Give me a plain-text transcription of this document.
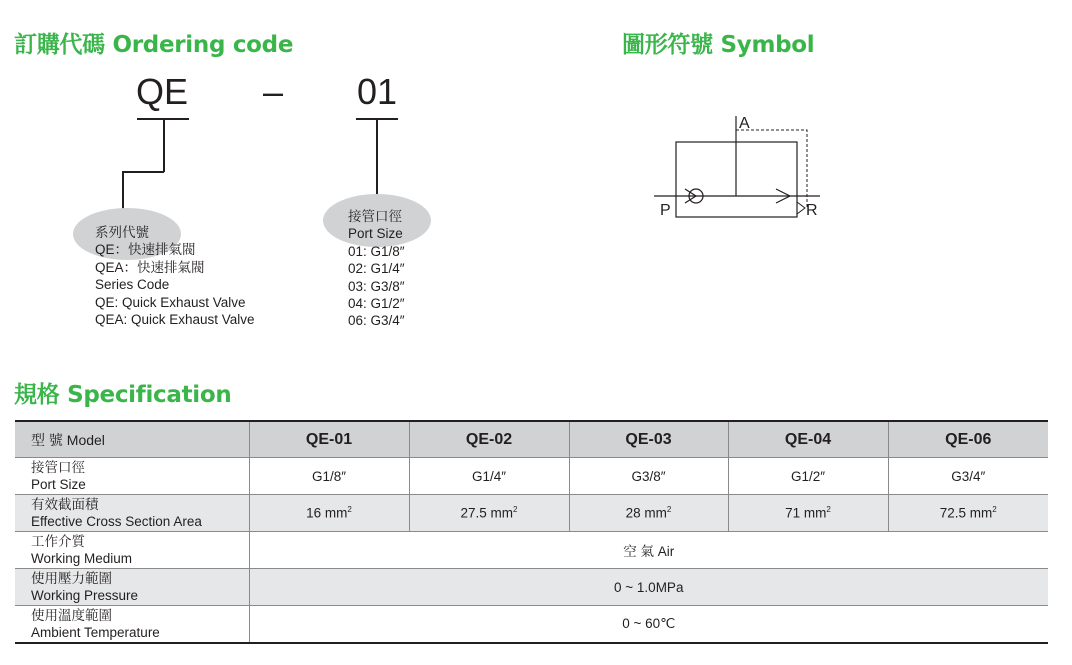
訂購代碼 Ordering code	圖形符號 Symbol
規格 Specification
QE – 01
系列代號
QE：快速排氣閥
QEA：快速排氣閥
Series Code
QE: Quick Exhaust Valve
QEA: Quick Exhaust Valve
接管口徑
Port Size
01: G1/8″
02: G1/4″
03: G3/8″
04: G1/2″
06: G3/4″
A
P	R
型 號 Model	QE-01	QE-02	QE-03	QE-04	QE-06

接管口徑
Port Size	G1/8″	G1/4″	G3/8″	G1/2″	G3/4″

有效截面積
Effective Cross Section Area	16 $mm^2$	27.5 $mm^2$	28 $mm^2$	71 $mm^2$	72.5 $mm^2$

工作介質
Working Medium	空 氣 Air				

使用壓力範圍
Working Pressure	0 ~ 1.0MPa				

使用溫度範圍
Ambient Temperature	0 ~ 60℃				
